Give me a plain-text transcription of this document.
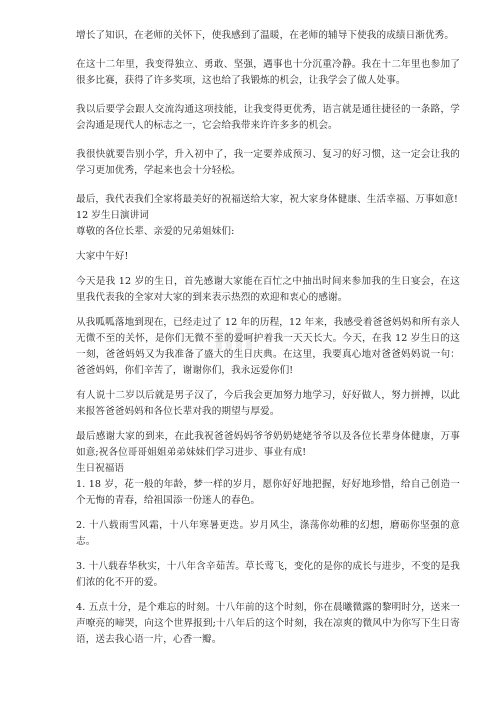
增长了知识，在老师的关怀下，使我感到了温暖，在老师的辅导下使我的成绩日渐优秀。

在这十二年里，我变得独立、勇敢、坚强，遇事也十分沉重冷静。我在十二年里也参加了很多比赛，获得了许多奖项，这也给了我锻炼的机会，让我学会了做人处事。

我以后要学会跟人交流沟通这项技能，让我变得更优秀，语言就是通往捷径的一条路，学会沟通是现代人的标志之一，它会给我带来许许多多的机会。

我很快就要告别小学，升入初中了，我一定要养成预习、复习的好习惯，这一定会让我的学习更加优秀，学起来也会十分轻松。

最后，我代表我们全家将最美好的祝福送给大家，祝大家身体健康、生活幸福、万事如意!

12 岁生日演讲词

尊敬的各位长辈、亲爱的兄弟姐妹们:

大家中午好!

今天是我 12 岁的生日，首先感谢大家能在百忙之中抽出时间来参加我的生日宴会，在这里我代表我的全家对大家的到来表示热烈的欢迎和衷心的感谢。

从我呱呱落地到现在，已经走过了 12 年的历程，12 年来，我感受着爸爸妈妈和所有亲人无微不至的关怀，是你们无微不至的爱呵护着我一天天长大。今天，在我 12 岁生日的这一刻，爸爸妈妈又为我准备了盛大的生日庆典。在这里，我要真心地对爸爸妈妈说一句：爸爸妈妈，你们辛苦了，谢谢你们，我永远爱你们!

有人说十二岁以后就是男子汉了，今后我会更加努力地学习，好好做人，努力拼搏，以此来报答爸爸妈妈和各位长辈对我的期望与厚爱。

最后感谢大家的到来，在此我祝爸爸妈妈爷爷奶奶姥姥爷爷以及各位长辈身体健康，万事如意;祝各位哥哥姐姐弟弟妹妹们学习进步、事业有成!

生日祝福语

1. 18 岁，花一般的年龄，梦一样的岁月，愿你好好地把握，好好地珍惜，给自己创造一个无悔的青春，给祖国添一份迷人的春色。

2. 十八载雨雪风霜，十八年寒暑更迭。岁月风尘，涤荡你幼稚的幻想，磨砺你坚强的意志。

3. 十八载春华秋实，十八年含辛茹苦。草长莺飞，变化的是你的成长与进步，不变的是我们浓的化不开的爱。

4. 五点十分，是个难忘的时刻。十八年前的这个时刻，你在晨曦微露的黎明时分，送来一声嘹亮的啼哭，向这个世界报到;十八年后的这个时刻，我在凉爽的微风中为你写下生日寄语，送去我心语一片，心香一瓣。
